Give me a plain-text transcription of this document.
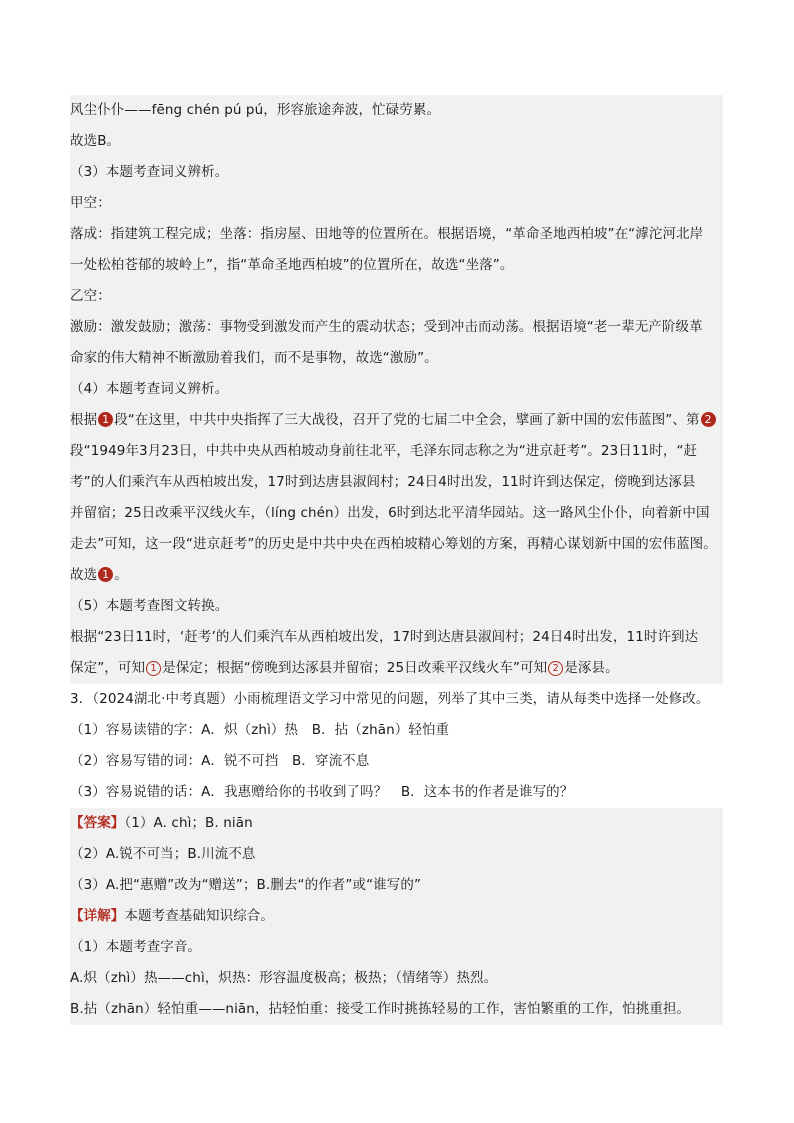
风尘仆仆——fēng chén pú pú，形容旅途奔波，忙碌劳累。
故选B。
（3）本题考查词义辨析。
甲空：
落成：指建筑工程完成；坐落：指房屋、田地等的位置所在。根据语境，“革命圣地西柏坡”在“滹沱河北岸
一处松柏苍郁的坡岭上”，指“革命圣地西柏坡”的位置所在，故选“坐落”。
乙空：
激励：激发鼓励；激荡：事物受到激发而产生的震动状态；受到冲击而动荡。根据语境“老一辈无产阶级革
命家的伟大精神不断激励着我们，而不是事物，故选“激励”。
（4）本题考查词义辨析。
根据 1 段“在这里，中共中央指挥了三大战役，召开了党的七届二中全会，擘画了新中国的宏伟蓝图”、第 2
段“1949年3月23日，中共中央从西柏坡动身前往北平，毛泽东同志称之为“进京赶考”。23日11时，“赶
考”的人们乘汽车从西柏坡出发，17时到达唐县淑闾村；24日4时出发，11时许到达保定，傍晚到达涿县
并留宿；25日改乘平汉线火车，（líng chén）出发，6时到达北平清华园站。这一路风尘仆仆，向着新中国
走去”可知，这一段“进京赶考”的历史是中共中央在西柏坡精心筹划的方案，再精心谋划新中国的宏伟蓝图。
故选 1 。
（5）本题考查图文转换。
根据“23日11时，‘赶考’的人们乘汽车从西柏坡出发，17时到达唐县淑闾村；24日4时出发，11时许到达
保定”，可知 1 是保定；根据“傍晚到达涿县并留宿；25日改乘平汉线火车”可知 2 是涿县。
3．（2024湖北·中考真题）小雨梳理语文学习中常见的问题，列举了其中三类，请从每类中选择一处修改。
（1）容易读错的字：A．炽（zhì）热　B．拈（zhān）轻怕重
（2）容易写错的词：A．锐不可挡　B．穿流不息
（3）容易说错的话：A．我惠赠给你的书收到了吗？　B．这本书的作者是谁写的？
【答案】（1）A. chì；B. niān
（2）A.锐不可当；B.川流不息
（3）A.把“惠赠”改为“赠送”；B.删去“的作者”或“谁写的”
【详解】本题考查基础知识综合。
（1）本题考查字音。
A.炽（zhì）热——chì，炽热：形容温度极高；极热；（情绪等）热烈。
B.拈（zhān）轻怕重——niān，拈轻怕重：接受工作时挑拣轻易的工作，害怕繁重的工作，怕挑重担。
